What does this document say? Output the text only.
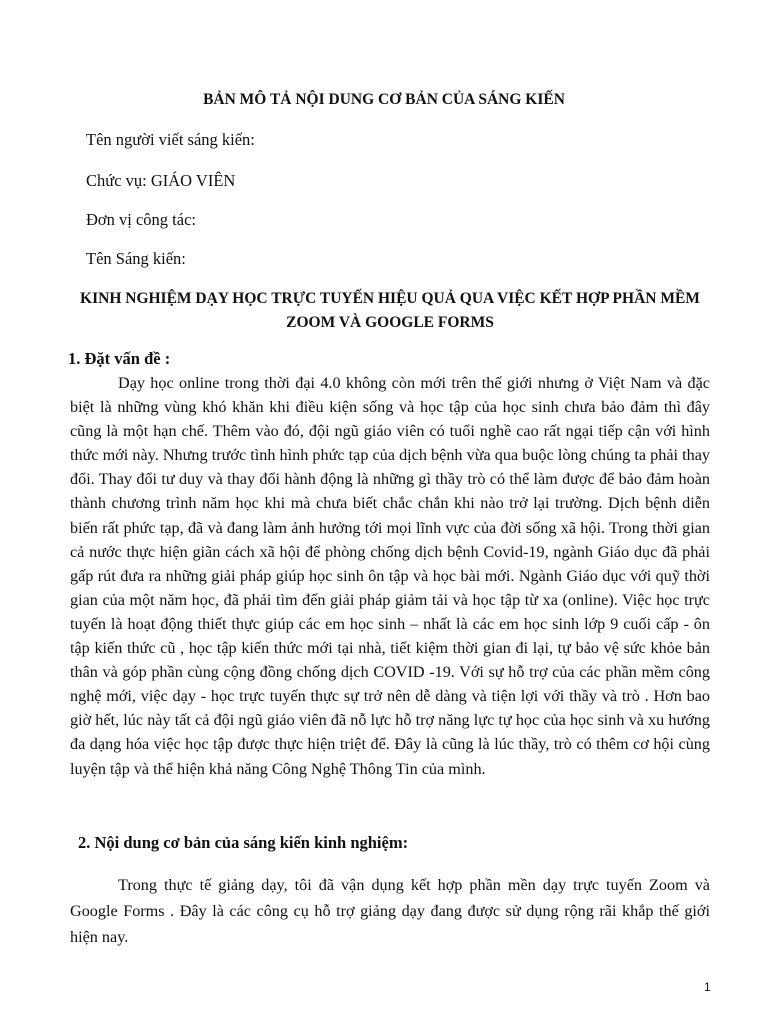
BẢN MÔ TẢ NỘI DUNG CƠ BẢN CỦA SÁNG KIẾN
Tên người viết sáng kiến:
Chức vụ: GIÁO VIÊN
Đơn vị công tác:
Tên Sáng kiến:
KINH NGHIỆM DẠY HỌC TRỰC TUYẾN HIỆU QUẢ QUA VIỆC KẾT HỢP PHẦN MỀM ZOOM VÀ GOOGLE FORMS
1. Đặt vấn đề :

Dạy học online trong thời đại 4.0 không còn mới trên thế giới nhưng ở Việt Nam và đặc biệt là những vùng khó khăn khi điều kiện sống và học tập của học sinh chưa bảo đảm thì đây cũng là một hạn chế. Thêm vào đó, đội ngũ giáo viên có tuổi nghề cao rất ngại tiếp cận với hình thức mới này. Nhưng trước tình hình phức tạp của dịch bệnh vừa qua buộc lòng chúng ta phải thay đổi. Thay đổi tư duy và thay đổi hành động là những gì thầy trò có thể làm được để bảo đảm hoàn thành chương trình năm học khi mà chưa biết chắc chắn khi nào trở lại trường. Dịch bệnh diễn biến rất phức tạp, đã và đang làm ảnh hưởng tới mọi lĩnh vực của đời sống xã hội. Trong thời gian cả nước thực hiện giãn cách xã hội để phòng chống dịch bệnh Covid-19, ngành Giáo dục đã phải gấp rút đưa ra những giải pháp giúp học sinh ôn tập và học bài mới. Ngành Giáo dục với quỹ thời gian của một năm học, đã phải tìm đến giải pháp giảm tải và học tập từ xa (online). Việc học trực tuyến là hoạt động thiết thực giúp các em học sinh – nhất là các em học sinh lớp 9 cuối cấp - ôn tập kiến thức cũ , học tập kiến thức mới tại nhà, tiết kiệm thời gian đi lại, tự bảo vệ sức khỏe bản thân và góp phần cùng cộng đồng chống dịch COVID -19. Với sự hỗ trợ của các phần mềm công nghệ mới, việc dạy - học trực tuyến thực sự trở nên dễ dàng và tiện lợi với thầy và trò . Hơn bao giờ hết, lúc này tất cả đội ngũ giáo viên đã nỗ lực hỗ trợ năng lực tự học của học sinh và xu hướng đa dạng hóa việc học tập được thực hiện triệt để. Đây là cũng là lúc thầy, trò có thêm cơ hội cùng luyện tập và thể hiện khả năng Công Nghệ Thông Tin của mình.

2. Nội dung cơ bản của sáng kiến kinh nghiệm:

Trong thực tế giảng dạy, tôi đã vận dụng kết hợp phần mền dạy trực tuyến Zoom và Google Forms . Đây là các công cụ hỗ trợ giảng dạy đang được sử dụng rộng rãi khắp thế giới hiện nay.

1
